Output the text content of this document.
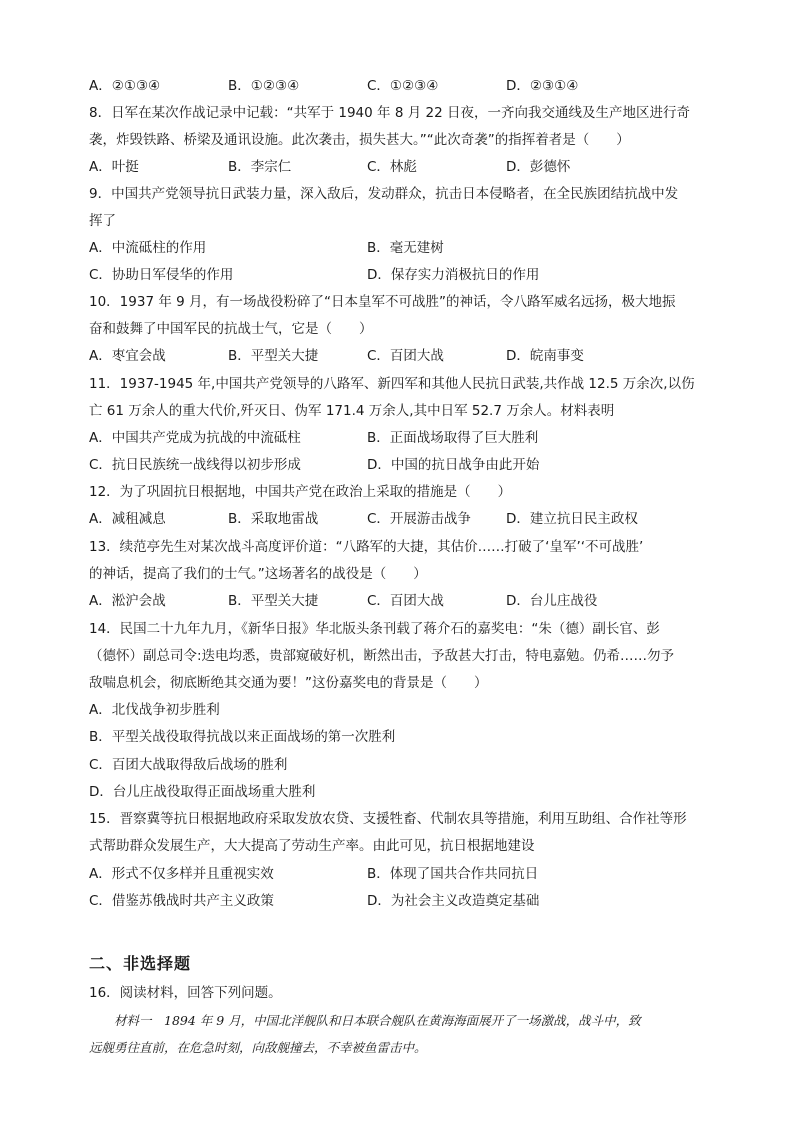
A．②①③④	B．①②③④	C．①②③④	D．②③①④
8．日军在某次作战记录中记载：“共军于 1940 年 8 月 22 日夜，一齐向我交通线及生产地区进行奇
袭，炸毁铁路、桥梁及通讯设施。此次袭击，损失甚大。”“此次奇袭”的指挥着者是（　　）
A．叶挺	B．李宗仁	C．林彪	D．彭德怀
9．中国共产党领导抗日武装力量，深入敌后，发动群众，抗击日本侵略者，在全民族团结抗战中发
挥了
A．中流砥柱的作用	B．毫无建树
C．协助日军侵华的作用	D．保存实力消极抗日的作用
10．1937 年 9 月，有一场战役粉碎了“日本皇军不可战胜”的神话，令八路军威名远扬，极大地振
奋和鼓舞了中国军民的抗战士气，它是（　　）
A．枣宜会战	B．平型关大捷	C．百团大战	D．皖南事变
11．1937-1945 年,中国共产党领导的八路军、新四军和其他人民抗日武装,共作战 12.5 万余次,以伤
亡 61 万余人的重大代价,歼灭日、伪军 171.4 万余人,其中日军 52.7 万余人。材料表明
A．中国共产党成为抗战的中流砥柱	B．正面战场取得了巨大胜利
C．抗日民族统一战线得以初步形成	D．中国的抗日战争由此开始
12．为了巩固抗日根据地，中国共产党在政治上采取的措施是（　　）
A．减租减息	B．采取地雷战	C．开展游击战争	D．建立抗日民主政权
13．续范亭先生对某次战斗高度评价道：“八路军的大捷，其估价……打破了‘皇军’‘不可战胜’
的神话，提高了我们的士气。”这场著名的战役是（　　）
A．淞沪会战	B．平型关大捷	C．百团大战	D．台儿庄战役
14．民国二十九年九月，《新华日报》华北版头条刊载了蒋介石的嘉奖电：“朱（德）副长官、彭
（德怀）副总司令:迭电均悉，贵部窥破好机，断然出击，予敌甚大打击，特电嘉勉。仍希……勿予
敌喘息机会，彻底断绝其交通为要！”这份嘉奖电的背景是（　　）
A．北伐战争初步胜利
B．平型关战役取得抗战以来正面战场的第一次胜利
C．百团大战取得敌后战场的胜利
D．台儿庄战役取得正面战场重大胜利
15．晋察冀等抗日根据地政府采取发放农贷、支援牲畜、代制农具等措施，利用互助组、合作社等形
式帮助群众发展生产，大大提高了劳动生产率。由此可见，抗日根据地建设
A．形式不仅多样并且重视实效	B．体现了国共合作共同抗日
C．借鉴苏俄战时共产主义政策	D．为社会主义改造奠定基础
二、非选择题
16．阅读材料，回答下列问题。
　　材料一　1894 年 9 月，中国北洋舰队和日本联合舰队在黄海海面展开了一场激战，战斗中，致
远舰勇往直前，在危急时刻，向敌舰撞去，不幸被鱼雷击中。
